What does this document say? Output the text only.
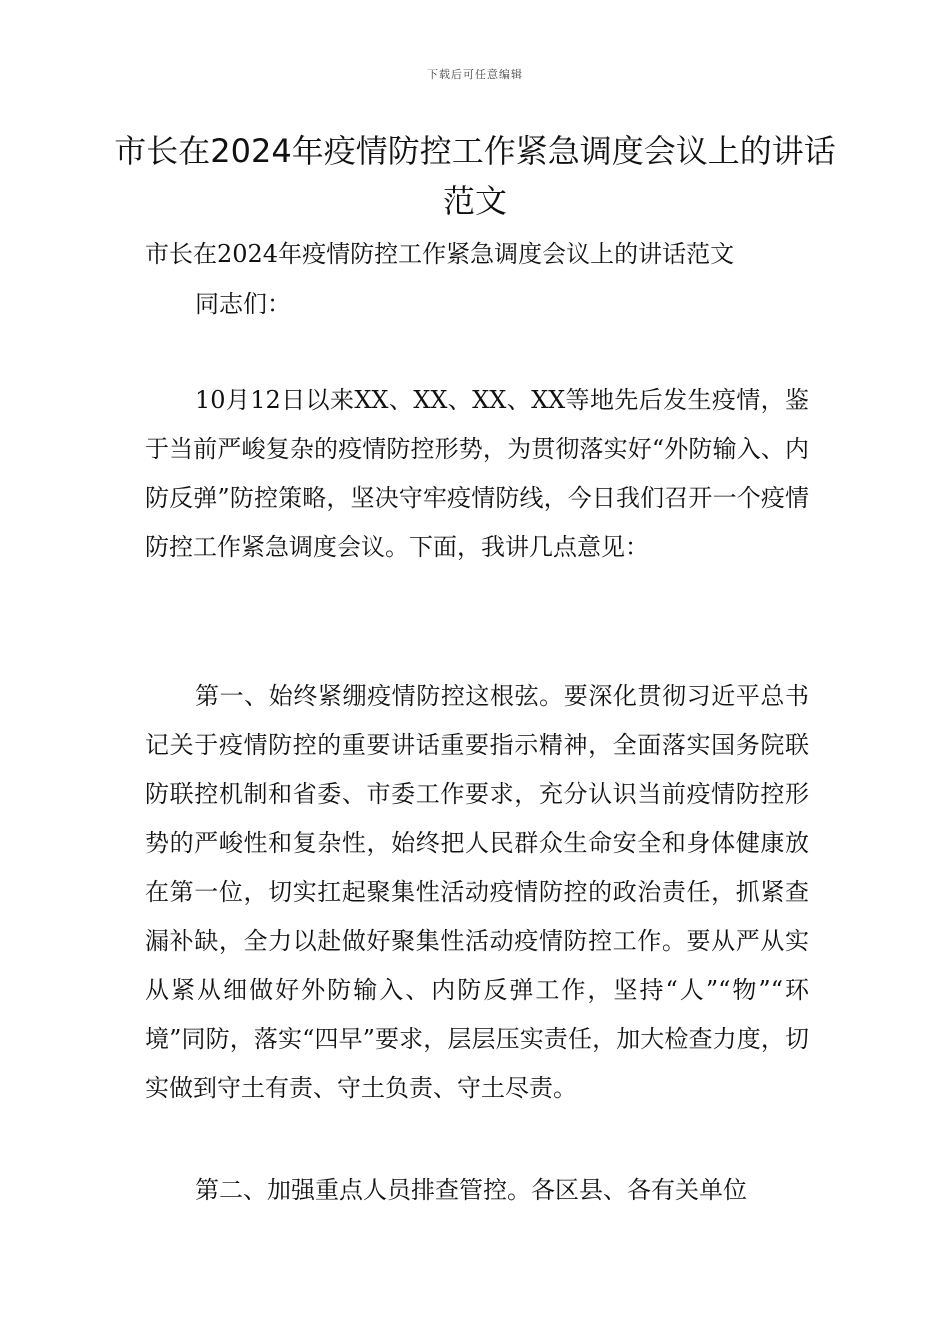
下载后可任意编辑
市长在2024年疫情防控工作紧急调度会议上的讲话范文

市长在2024年疫情防控工作紧急调度会议上的讲话范文

同志们：

10月12日以来XX、XX、XX、XX等地先后发生疫情，鉴于当前严峻复杂的疫情防控形势，为贯彻落实好“外防输入、内防反弹”防控策略，坚决守牢疫情防线，今日我们召开一个疫情防控工作紧急调度会议。下面，我讲几点意见：

第一、始终紧绷疫情防控这根弦。要深化贯彻习近平总书记关于疫情防控的重要讲话重要指示精神，全面落实国务院联防联控机制和省委、市委工作要求，充分认识当前疫情防控形势的严峻性和复杂性，始终把人民群众生命安全和身体健康放在第一位，切实扛起聚集性活动疫情防控的政治责任，抓紧查漏补缺，全力以赴做好聚集性活动疫情防控工作。要从严从实从紧从细做好外防输入、内防反弹工作，坚持“人”“物”“环境”同防，落实“四早”要求，层层压实责任，加大检查力度，切实做到守土有责、守土负责、守土尽责。

第二、加强重点人员排查管控。各区县、各有关单位
